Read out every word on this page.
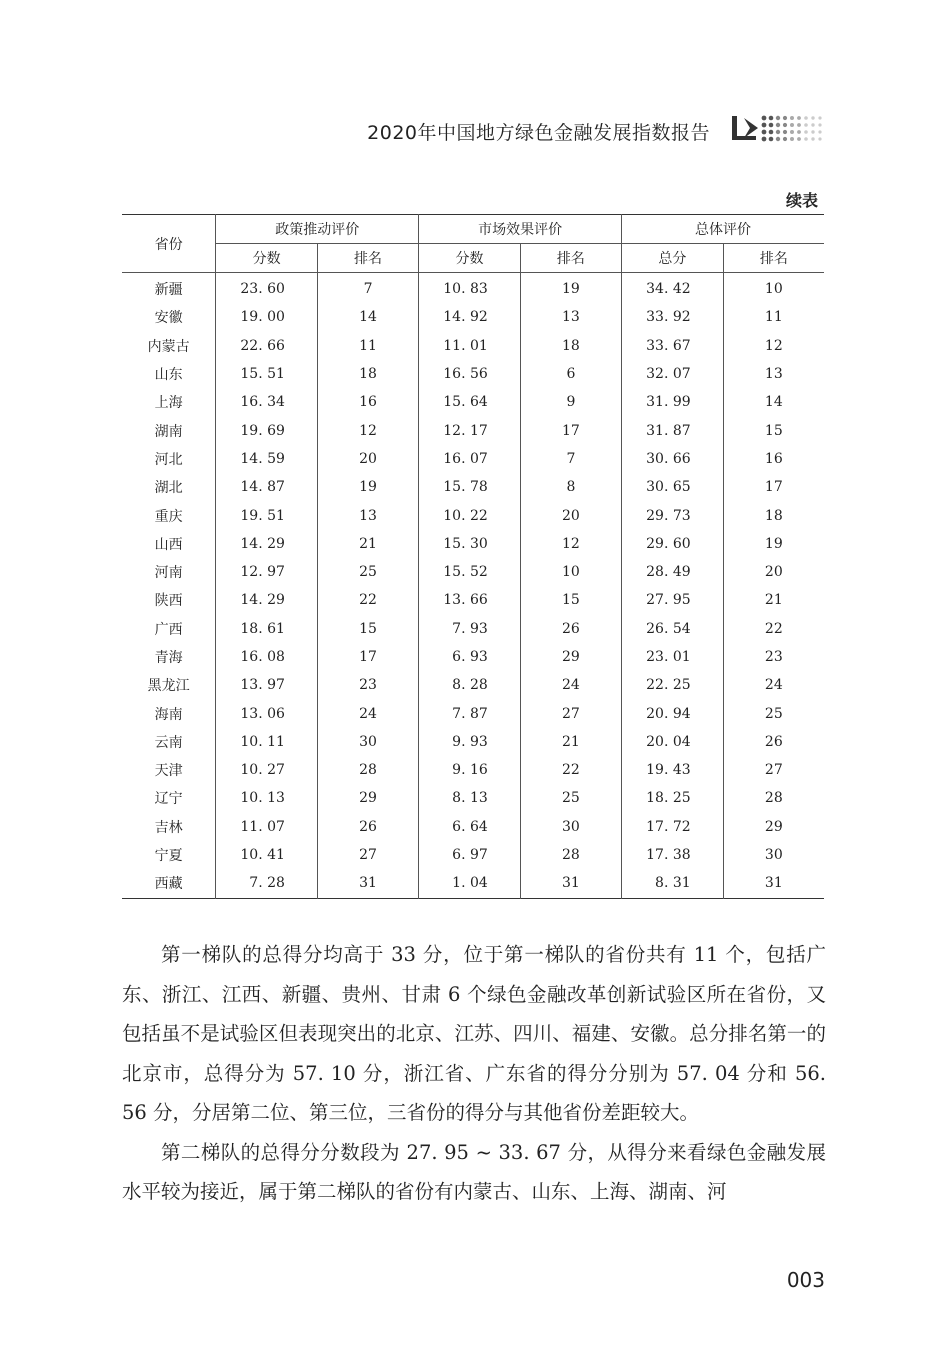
2020年中国地方绿色金融发展指数报告
续表
省份	政策推动评价		市场效果评价		总体评价	
	分数	排名	分数	排名	总分	排名
新疆	23. 60	7	10. 83	19	34. 42	10
安徽	19. 00	14	14. 92	13	33. 92	11
内蒙古	22. 66	11	11. 01	18	33. 67	12
山东	15. 51	18	16. 56	6	32. 07	13
上海	16. 34	16	15. 64	9	31. 99	14
湖南	19. 69	12	12. 17	17	31. 87	15
河北	14. 59	20	16. 07	7	30. 66	16
湖北	14. 87	19	15. 78	8	30. 65	17
重庆	19. 51	13	10. 22	20	29. 73	18
山西	14. 29	21	15. 30	12	29. 60	19
河南	12. 97	25	15. 52	10	28. 49	20
陕西	14. 29	22	13. 66	15	27. 95	21
广西	18. 61	15	7. 93	26	26. 54	22
青海	16. 08	17	6. 93	29	23. 01	23
黑龙江	13. 97	23	8. 28	24	22. 25	24
海南	13. 06	24	7. 87	27	20. 94	25
云南	10. 11	30	9. 93	21	20. 04	26
天津	10. 27	28	9. 16	22	19. 43	27
辽宁	10. 13	29	8. 13	25	18. 25	28
吉林	11. 07	26	6. 64	30	17. 72	29
宁夏	10. 41	27	6. 97	28	17. 38	30
西藏	7. 28	31	1. 04	31	8. 31	31

第一梯队的总得分均高于 33 分，位于第一梯队的省份共有 11 个，包括广东、浙江、江西、新疆、贵州、甘肃 6 个绿色金融改革创新试验区所在省份，又包括虽不是试验区但表现突出的北京、江苏、四川、福建、安徽。总分排名第一的北京市，总得分为 57. 10 分，浙江省、广东省的得分分别为 57. 04 分和 56. 56 分，分居第二位、第三位，三省份的得分与其他省份差距较大。

第二梯队的总得分分数段为 27. 95 ~ 33. 67 分，从得分来看绿色金融发展水平较为接近，属于第二梯队的省份有内蒙古、山东、上海、湖南、河

003
